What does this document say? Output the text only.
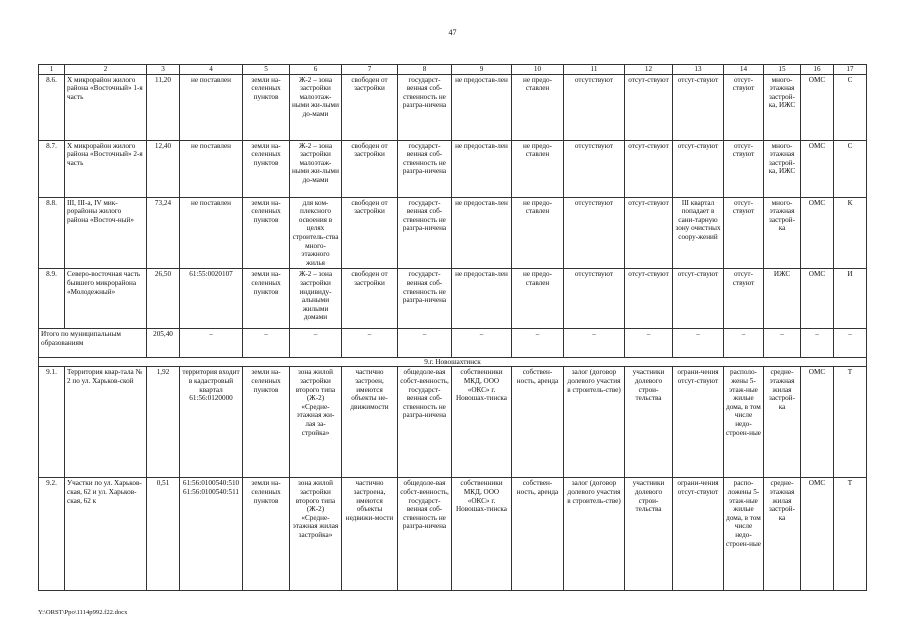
47
1	2	3	4	5	6	7	8	9	10	11	12	13	14	15	16	17
8.6.	X микрорайон жилого района «Восточный» 1-я часть	11,20	не поставлен	земли на-селенных пунктов	Ж-2 – зона застройки малоэтаж-ными жи-лыми до-мами	свободен от застройки	государст-венная соб-ственность не разгра-ничена	не предостав-лен	не предо-ставлен	отсутствуют	отсут-ствуют	отсут-ствуют	отсут-ствуют	много-этажная застрой-ка, ИЖС	ОМС	С
8.7.	X микрорайон жилого района «Восточный» 2-я часть	12,40	не поставлен	земли на-селенных пунктов	Ж-2 – зона застройки малоэтаж-ными жи-лыми до-мами	свободен от застройки	государст-венная соб-ственность не разгра-ничена	не предостав-лен	не предо-ставлен	отсутствуют	отсут-ствуют	отсут-ствуют	отсут-ствуют	много-этажная застрой-ка, ИЖС	ОМС	С
8.8.	III, III-а, IV мик-рорайоны жилого района «Восточ-ный»	73,24	не поставлен	земли на-селенных пунктов	для ком-плексного освоения в целях строитель-ства много-этажного жилья	свободен от застройки	государст-венная соб-ственность не разгра-ничена	не предостав-лен	не предо-ставлен	отсутствуют	отсут-ствуют	III квартал попадает в сани-тарную зону очистных соору-жений	отсут-ствуют	много-этажная застрой-ка	ОМС	К
8.9.	Северо-восточная часть бывшего микрорайона «Молодежный»	26,50	61:55:0020107	земли на-селенных пунктов	Ж-2 – зона застройки индивиду-альными жилыми домами	свободен от застройки	государст-венная соб-ственность не разгра-ничена	не предостав-лен	не предо-ставлен	отсутствуют	отсут-ствуют	отсут-ствуют	отсут-ствуют	ИЖС	ОМС	И
Итого по муниципальным образованиям		205,40	–	–	–	–	–	–	–	–	–	–	–	–	–	–
9.г. Новошахтинск																
9.1.	Территория квар-тала № 2 по ул. Харьков-ской	1,92	территория входит в кадастровый квартал 61:56:0120000	земли на-селенных пунктов	зона жилой застройки второго типа (Ж-2) «Средне-этажная жи-лая за-стройка»	частично застроен, имеются объекты не-движимости	общедоле-вая собст-венность, государст-венная соб-ственность не разгра-ничена	собственники МКД, ООО «ОКС» г. Новошах-тинска	собствен-ность, аренда	залог (договор долевого участия в строитель-стве)	участники долевого строи-тельства	ограни-чения отсут-ствуют	располо-жены 5-этаж-ные жилые дома, в том числе недо-строен-ные	средне-этажная жилая застрой-ка	ОМС	Т
9.2.	Участки по ул. Харьков-ская, 62 и ул. Харьков-ская, 62 к	0,51	61:56:0100540:510 61:56:0100540:511	земли на-селенных пунктов	зона жилой застройки второго типа (Ж-2) «Средне-этажная жилая застройка»	частично застроена, имеются объекты недвижи-мости	общедоле-вая собст-венность, государст-венная соб-ственность не разгра-ничена	собственники МКД, ООО «ОКС» г. Новошах-тинска	собствен-ность, аренда	залог (договор долевого участия в строитель-стве)	участники долевого строи-тельства	ограни-чения отсут-ствуют	распо-ложены 5-этаж-ные жилые дома, в том числе недо-строен-ные	средне-этажная жилая застрой-ка	ОМС	Т
Y:\ORST\Ppo\1114p992.f22.docx
